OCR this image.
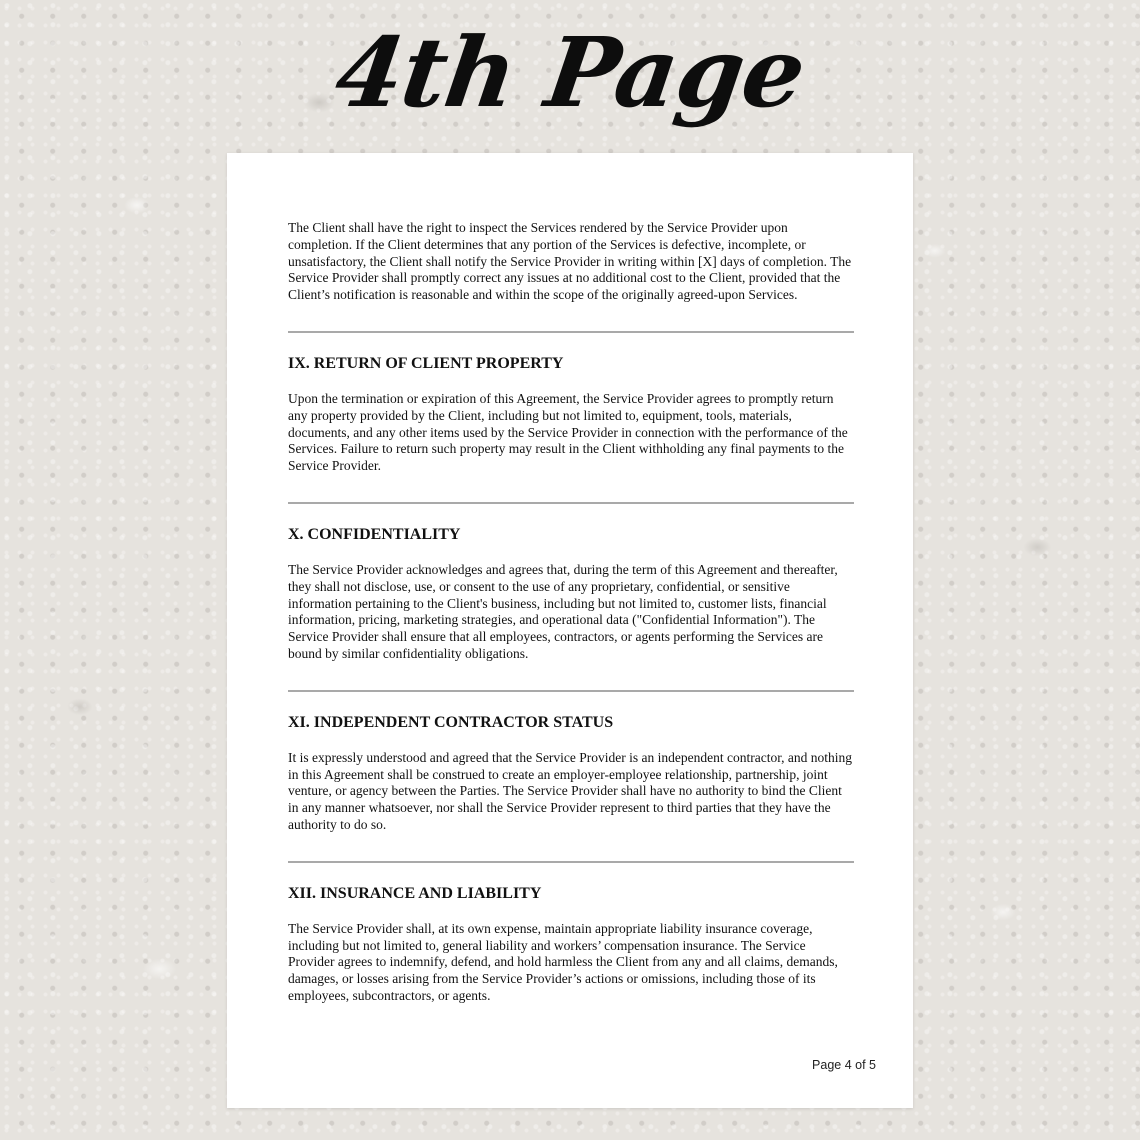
4th Page

The Client shall have the right to inspect the Services rendered by the Service Provider upon completion. If the Client determines that any portion of the Services is defective, incomplete, or unsatisfactory, the Client shall notify the Service Provider in writing within [X] days of completion. The Service Provider shall promptly correct any issues at no additional cost to the Client, provided that the Client’s notification is reasonable and within the scope of the originally agreed-upon Services.

IX. RETURN OF CLIENT PROPERTY

Upon the termination or expiration of this Agreement, the Service Provider agrees to promptly return any property provided by the Client, including but not limited to, equipment, tools, materials, documents, and any other items used by the Service Provider in connection with the performance of the Services. Failure to return such property may result in the Client withholding any final payments to the Service Provider.

X. CONFIDENTIALITY

The Service Provider acknowledges and agrees that, during the term of this Agreement and thereafter, they shall not disclose, use, or consent to the use of any proprietary, confidential, or sensitive information pertaining to the Client's business, including but not limited to, customer lists, financial information, pricing, marketing strategies, and operational data ("Confidential Information"). The Service Provider shall ensure that all employees, contractors, or agents performing the Services are bound by similar confidentiality obligations.

XI. INDEPENDENT CONTRACTOR STATUS

It is expressly understood and agreed that the Service Provider is an independent contractor, and nothing in this Agreement shall be construed to create an employer-employee relationship, partnership, joint venture, or agency between the Parties. The Service Provider shall have no authority to bind the Client in any manner whatsoever, nor shall the Service Provider represent to third parties that they have the authority to do so.

XII. INSURANCE AND LIABILITY

The Service Provider shall, at its own expense, maintain appropriate liability insurance coverage, including but not limited to, general liability and workers’ compensation insurance. The Service Provider agrees to indemnify, defend, and hold harmless the Client from any and all claims, demands, damages, or losses arising from the Service Provider’s actions or omissions, including those of its employees, subcontractors, or agents.

Page 4 of 5
